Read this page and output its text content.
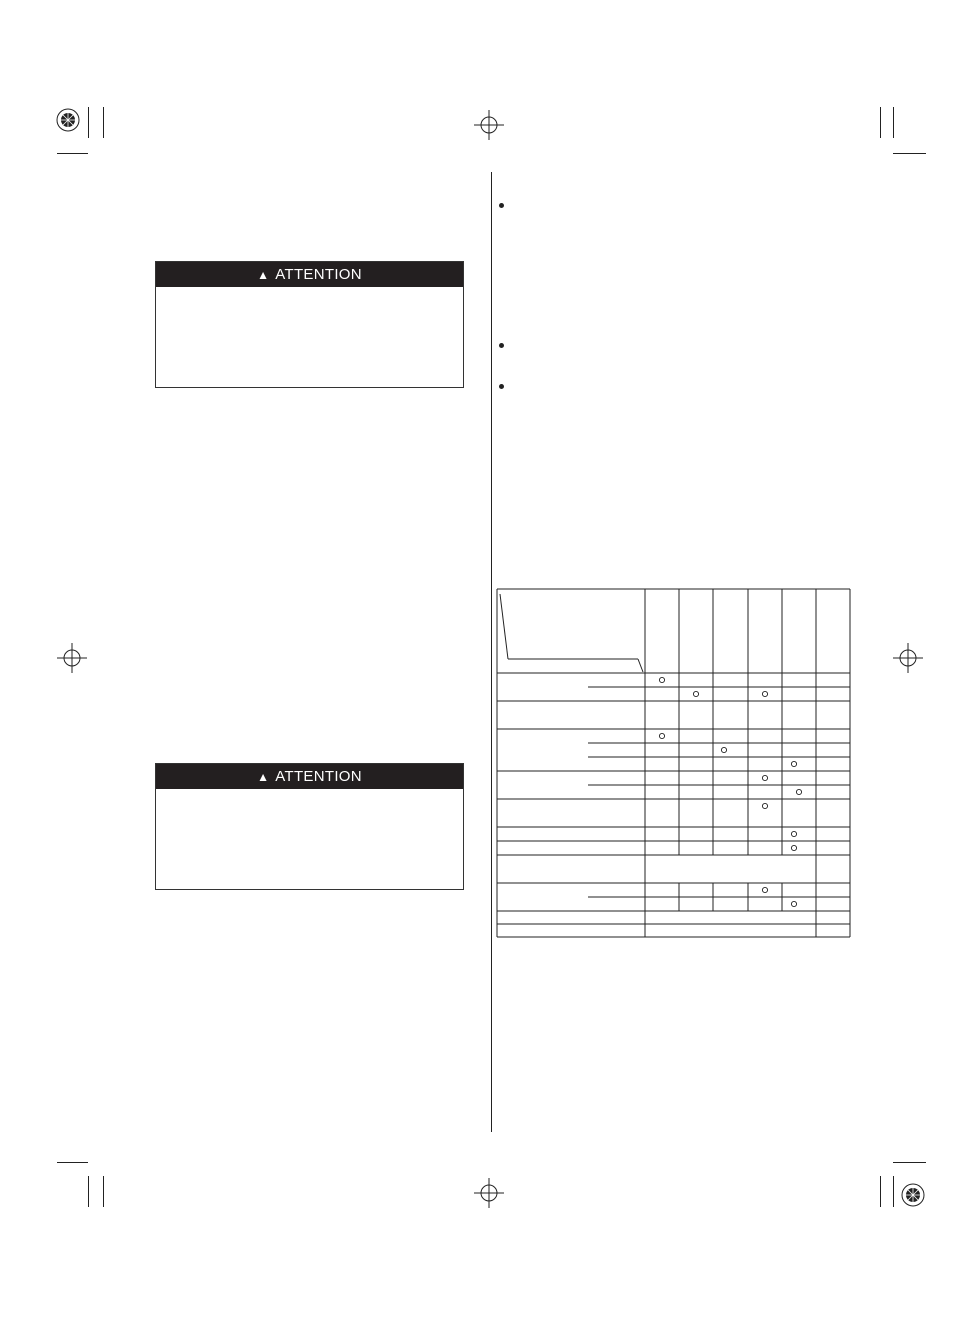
▲ ATTENTION
▲ ATTENTION
